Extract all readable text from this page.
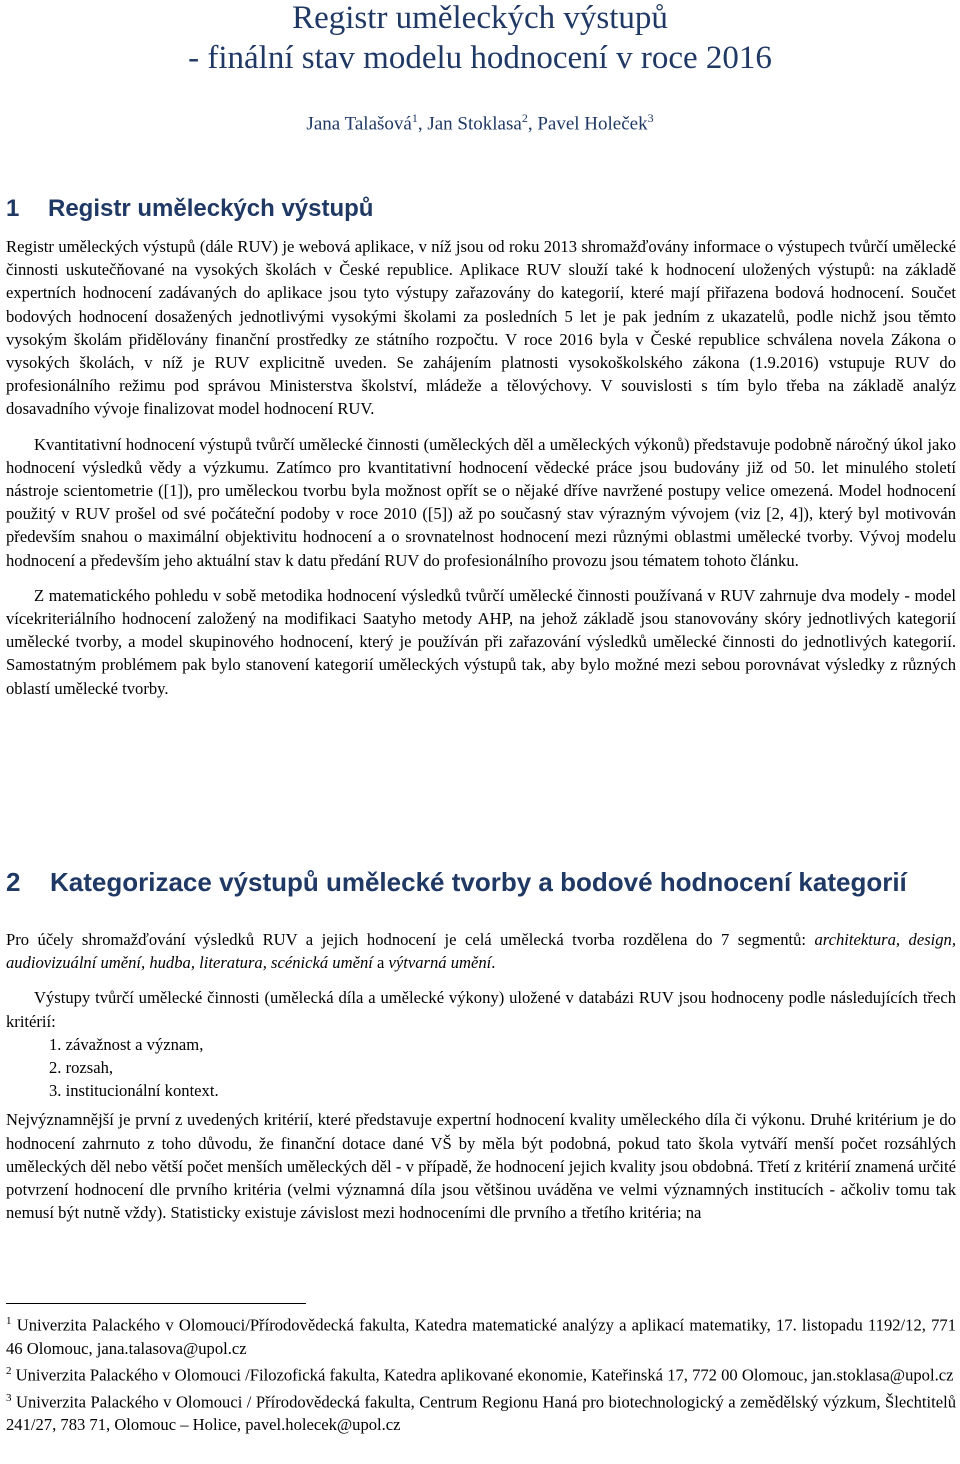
Registr uměleckých výstupů
- finální stav modelu hodnocení v roce 2016
Jana Talašová$^1$, Jan Stoklasa$^2$, Pavel Holeček$^3$
1 Registr uměleckých výstupů

Registr uměleckých výstupů (dále RUV) je webová aplikace, v níž jsou od roku 2013 shromažďovány informace o výstupech tvůrčí umělecké činnosti uskutečňované na vysokých školách v České republice. Aplikace RUV slouží také k hodnocení uložených výstupů: na základě expertních hodnocení zadávaných do aplikace jsou tyto výstupy zařazovány do kategorií, které mají přiřazena bodová hodnocení. Součet bodových hodnocení dosažených jednotlivými vysokými školami za posledních 5 let je pak jedním z ukazatelů, podle nichž jsou těmto vysokým školám přidělovány finanční prostředky ze státního rozpočtu. V roce 2016 byla v České republice schválena novela Zákona o vysokých školách, v níž je RUV explicitně uveden. Se zahájením platnosti vysokoškolského zákona (1.9.2016) vstupuje RUV do profesionálního režimu pod správou Ministerstva školství, mládeže a tělovýchovy. V souvislosti s tím bylo třeba na základě analýz dosavadního vývoje finalizovat model hodnocení RUV.

Kvantitativní hodnocení výstupů tvůrčí umělecké činnosti (uměleckých děl a uměleckých výkonů) představuje podobně náročný úkol jako hodnocení výsledků vědy a výzkumu. Zatímco pro kvantitativní hodnocení vědecké práce jsou budovány již od 50. let minulého století nástroje scientometrie ([1]), pro uměleckou tvorbu byla možnost opřít se o nějaké dříve navržené postupy velice omezená. Model hodnocení použitý v RUV prošel od své počáteční podoby v roce 2010 ([5]) až po současný stav výrazným vývojem (viz [2, 4]), který byl motivován především snahou o maximální objektivitu hodnocení a o srovnatelnost hodnocení mezi různými oblastmi umělecké tvorby. Vývoj modelu hodnocení a především jeho aktuální stav k datu předání RUV do profesionálního provozu jsou tématem tohoto článku.

Z matematického pohledu v sobě metodika hodnocení výsledků tvůrčí umělecké činnosti používaná v RUV zahrnuje dva modely - model vícekriteriálního hodnocení založený na modifikaci Saatyho metody AHP, na jehož základě jsou stanovovány skóry jednotlivých kategorií umělecké tvorby, a model skupinového hodnocení, který je používán při zařazování výsledků umělecké činnosti do jednotlivých kategorií. Samostatným problémem pak bylo stanovení kategorií uměleckých výstupů tak, aby bylo možné mezi sebou porovnávat výsledky z různých oblastí umělecké tvorby.

2 Kategorizace výstupů umělecké tvorby a bodové hodnocení kategorií

Pro účely shromažďování výsledků RUV a jejich hodnocení je celá umělecká tvorba rozdělena do 7 segmentů: architektura, design, audiovizuální umění, hudba, literatura, scénická umění a výtvarná umění.

Výstupy tvůrčí umělecké činnosti (umělecká díla a umělecké výkony) uložené v databázi RUV jsou hodnoceny podle následujících třech kritérií:

1. závažnost a význam,

2. rozsah,

3. institucionální kontext.

Nejvýznamnější je první z uvedených kritérií, které představuje expertní hodnocení kvality uměleckého díla či výkonu. Druhé kritérium je do hodnocení zahrnuto z toho důvodu, že finanční dotace dané VŠ by měla být podobná, pokud tato škola vytváří menší počet rozsáhlých uměleckých děl nebo větší počet menších uměleckých děl - v případě, že hodnocení jejich kvality jsou obdobná. Třetí z kritérií znamená určité potvrzení hodnocení dle prvního kritéria (velmi významná díla jsou většinou uváděna ve velmi významných institucích - ačkoliv tomu tak nemusí být nutně vždy). Statisticky existuje závislost mezi hodnoceními dle prvního a třetího kritéria; na

$^1$ Univerzita Palackého v Olomouci/Přírodovědecká fakulta, Katedra matematické analýzy a aplikací matematiky, 17. listopadu 1192/12, 771 46 Olomouc, jana.talasova@upol.cz

$^2$ Univerzita Palackého v Olomouci /Filozofická fakulta, Katedra aplikované ekonomie, Kateřinská 17, 772 00 Olomouc, jan.stoklasa@upol.cz

$^3$ Univerzita Palackého v Olomouci / Přírodovědecká fakulta, Centrum Regionu Haná pro biotechnologický a zemědělský výzkum, Šlechtitelů 241/27, 783 71, Olomouc – Holice, pavel.holecek@upol.cz
